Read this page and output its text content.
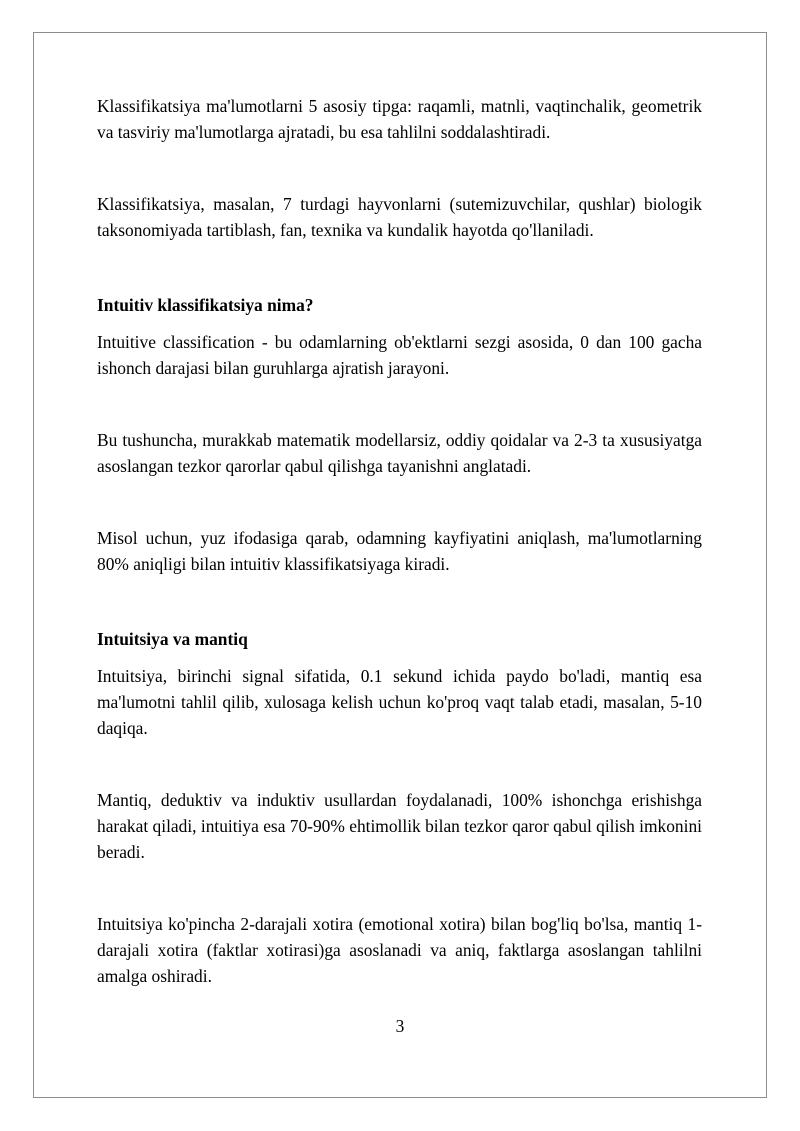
Klassifikatsiya ma'lumotlarni 5 asosiy tipga: raqamli, matnli, vaqtinchalik, geometrik va tasviriy ma'lumotlarga ajratadi, bu esa tahlilni soddalashtiradi.

Klassifikatsiya, masalan, 7 turdagi hayvonlarni (sutemizuvchilar, qushlar) biologik taksonomiyada tartiblash, fan, texnika va kundalik hayotda qo'llaniladi.

Intuitiv klassifikatsiya nima?

Intuitive classification - bu odamlarning ob'ektlarni sezgi asosida, 0 dan 100 gacha ishonch darajasi bilan guruhlarga ajratish jarayoni.

Bu tushuncha, murakkab matematik modellarsiz, oddiy qoidalar va 2-3 ta xususiyatga asoslangan tezkor qarorlar qabul qilishga tayanishni anglatadi.

Misol uchun, yuz ifodasiga qarab, odamning kayfiyatini aniqlash, ma'lumotlarning 80% aniqligi bilan intuitiv klassifikatsiyaga kiradi.

Intuitsiya va mantiq

Intuitsiya, birinchi signal sifatida, 0.1 sekund ichida paydo bo'ladi, mantiq esa ma'lumotni tahlil qilib, xulosaga kelish uchun ko'proq vaqt talab etadi, masalan, 5-10 daqiqa.

Mantiq, deduktiv va induktiv usullardan foydalanadi, 100% ishonchga erishishga harakat qiladi, intuitiya esa 70-90% ehtimollik bilan tezkor qaror qabul qilish imkonini beradi.

Intuitsiya ko'pincha 2-darajali xotira (emotional xotira) bilan bog'liq bo'lsa, mantiq 1-darajali xotira (faktlar xotirasi)ga asoslanadi va aniq, faktlarga asoslangan tahlilni amalga oshiradi.

3
